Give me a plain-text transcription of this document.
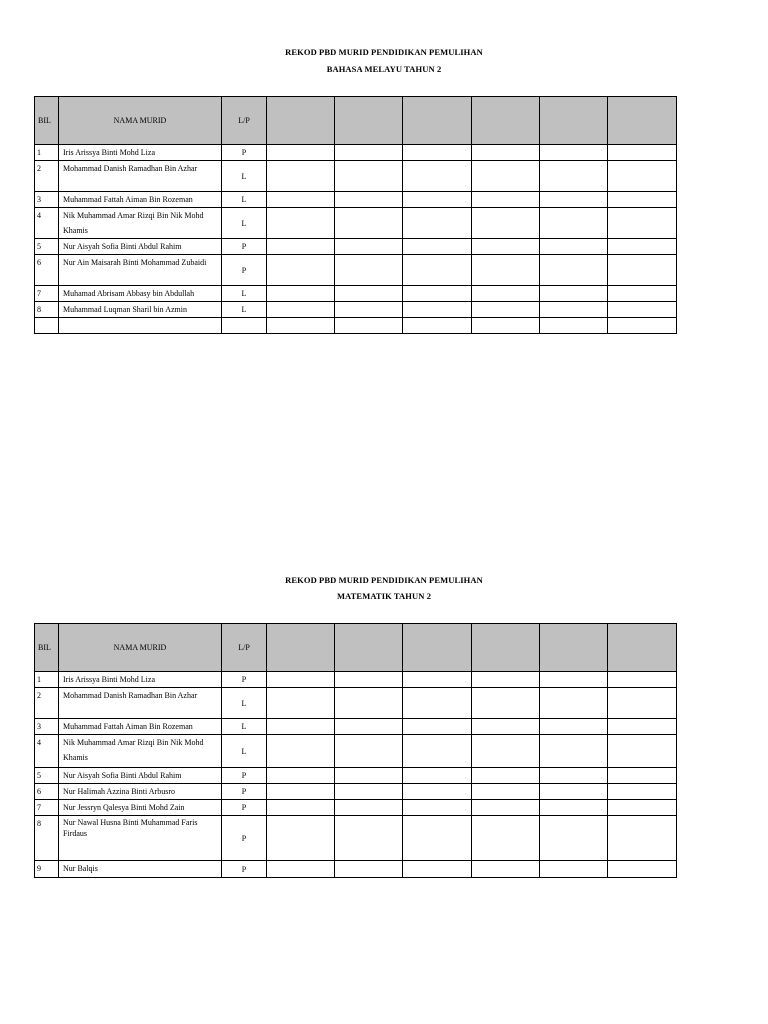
REKOD PBD MURID PENDIDIKAN PEMULIHAN
BAHASA MELAYU TAHUN 2
BIL	NAMA MURID	L/P						
1	Iris Arissya Binti Mohd Liza	P						
2	Mohammad Danish Ramadhan Bin Azhar	L						
3	Muhammad Fattah Aiman Bin Rozeman	L						
4	Nik Muhammad Amar Rizqi Bin Nik Mohd Khamis	L						
5	Nur Aisyah Sofia Binti Abdul Rahim	P						
6	Nur Ain Maisarah Binti Mohammad Zubaidi	P						
7	Muhamad Abrisam Abbasy bin Abdullah	L						
8	Muhammad Luqman Sharil bin Azmin	L						

REKOD PBD MURID PENDIDIKAN PEMULIHAN
MATEMATIK TAHUN 2
BIL	NAMA MURID	L/P						
1	Iris Arissya Binti Mohd Liza	P						
2	Mohammad Danish Ramadhan Bin Azhar	L						
3	Muhammad Fattah Aiman Bin Rozeman	L						
4	Nik Muhammad Amar Rizqi Bin Nik Mohd Khamis	L						
5	Nur Aisyah Sofia Binti Abdul Rahim	P						
6	Nur Halimah Azzina Binti Arbusro	P						
7	Nur Jessryn Qalesya Binti Mohd Zain	P						
8	Nur Nawal Husna Binti Muhammad Faris Firdaus	P						
9	Nur Balqis	P						
